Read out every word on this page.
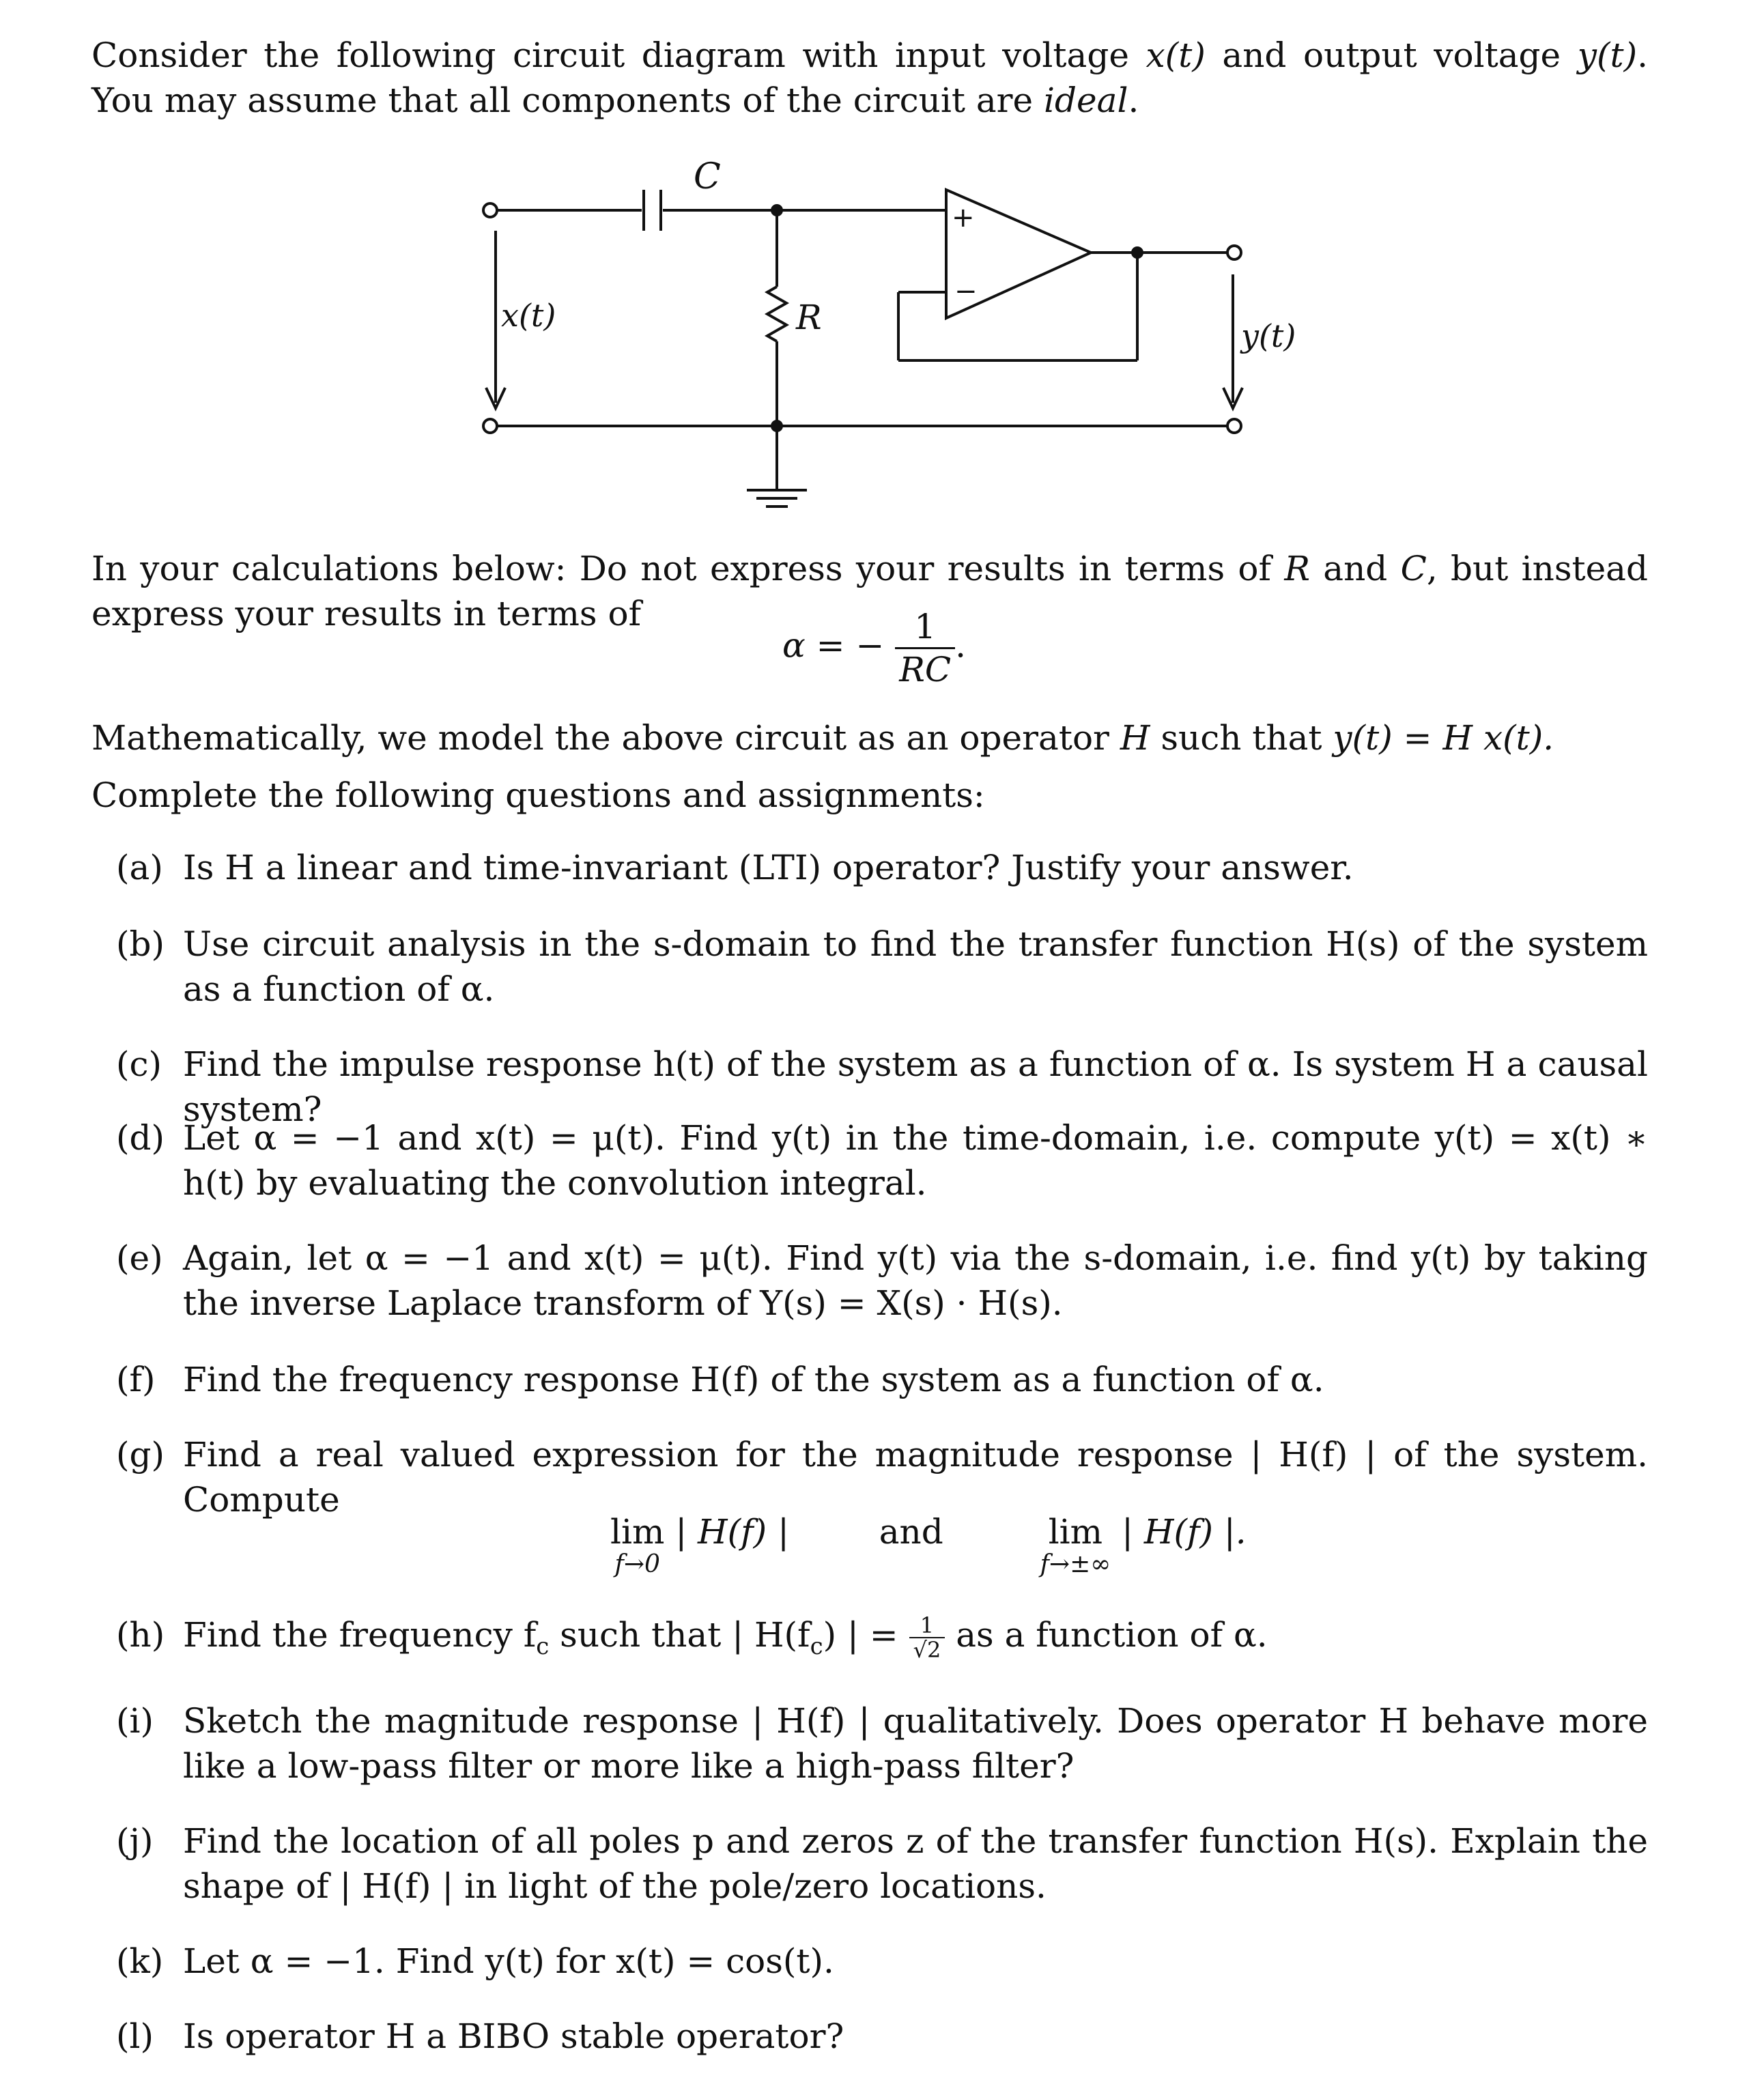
Consider the following circuit diagram with input voltage x(t) and output voltage y(t). You may assume that all components of the circuit are ideal.
C
R
x(t)
y(t)
+
−
In your calculations below: Do not express your results in terms of R and C, but instead express your results in terms of
α = − $\frac{1}{RC}$ .
Mathematically, we model the above circuit as an operator H such that y(t) = H x(t).
Complete the following questions and assignments:
(a) Is H a linear and time-invariant (LTI) operator? Justify your answer.
(b) Use circuit analysis in the s-domain to find the transfer function H(s) of the system as a function of α.
(c) Find the impulse response h(t) of the system as a function of α. Is system H a causal system?
(d) Let α = −1 and x(t) = μ(t). Find y(t) in the time-domain, i.e. compute y(t) = x(t) ∗ h(t) by evaluating the convolution integral.
(e) Again, let α = −1 and x(t) = μ(t). Find y(t) via the s-domain, i.e. find y(t) by taking the inverse Laplace transform of Y(s) = X(s) · H(s).
(f) Find the frequency response H(f) of the system as a function of α.
(g) Find a real valued expression for the magnitude response | H(f) | of the system. Compute
lim
f→0
| H(f) |	and	lim
f→±∞
| H(f) |.
(h) Find the frequency $f_c$ such that | $H(f_c)$ | = $\frac{1}{√2}$ as a function of α.
(i) Sketch the magnitude response | H(f) | qualitatively. Does operator H behave more like a low-pass filter or more like a high-pass filter?
(j) Find the location of all poles p and zeros z of the transfer function H(s). Explain the shape of | H(f) | in light of the pole/zero locations.
(k) Let α = −1. Find y(t) for x(t) = cos(t).
(l) Is operator H a BIBO stable operator?
